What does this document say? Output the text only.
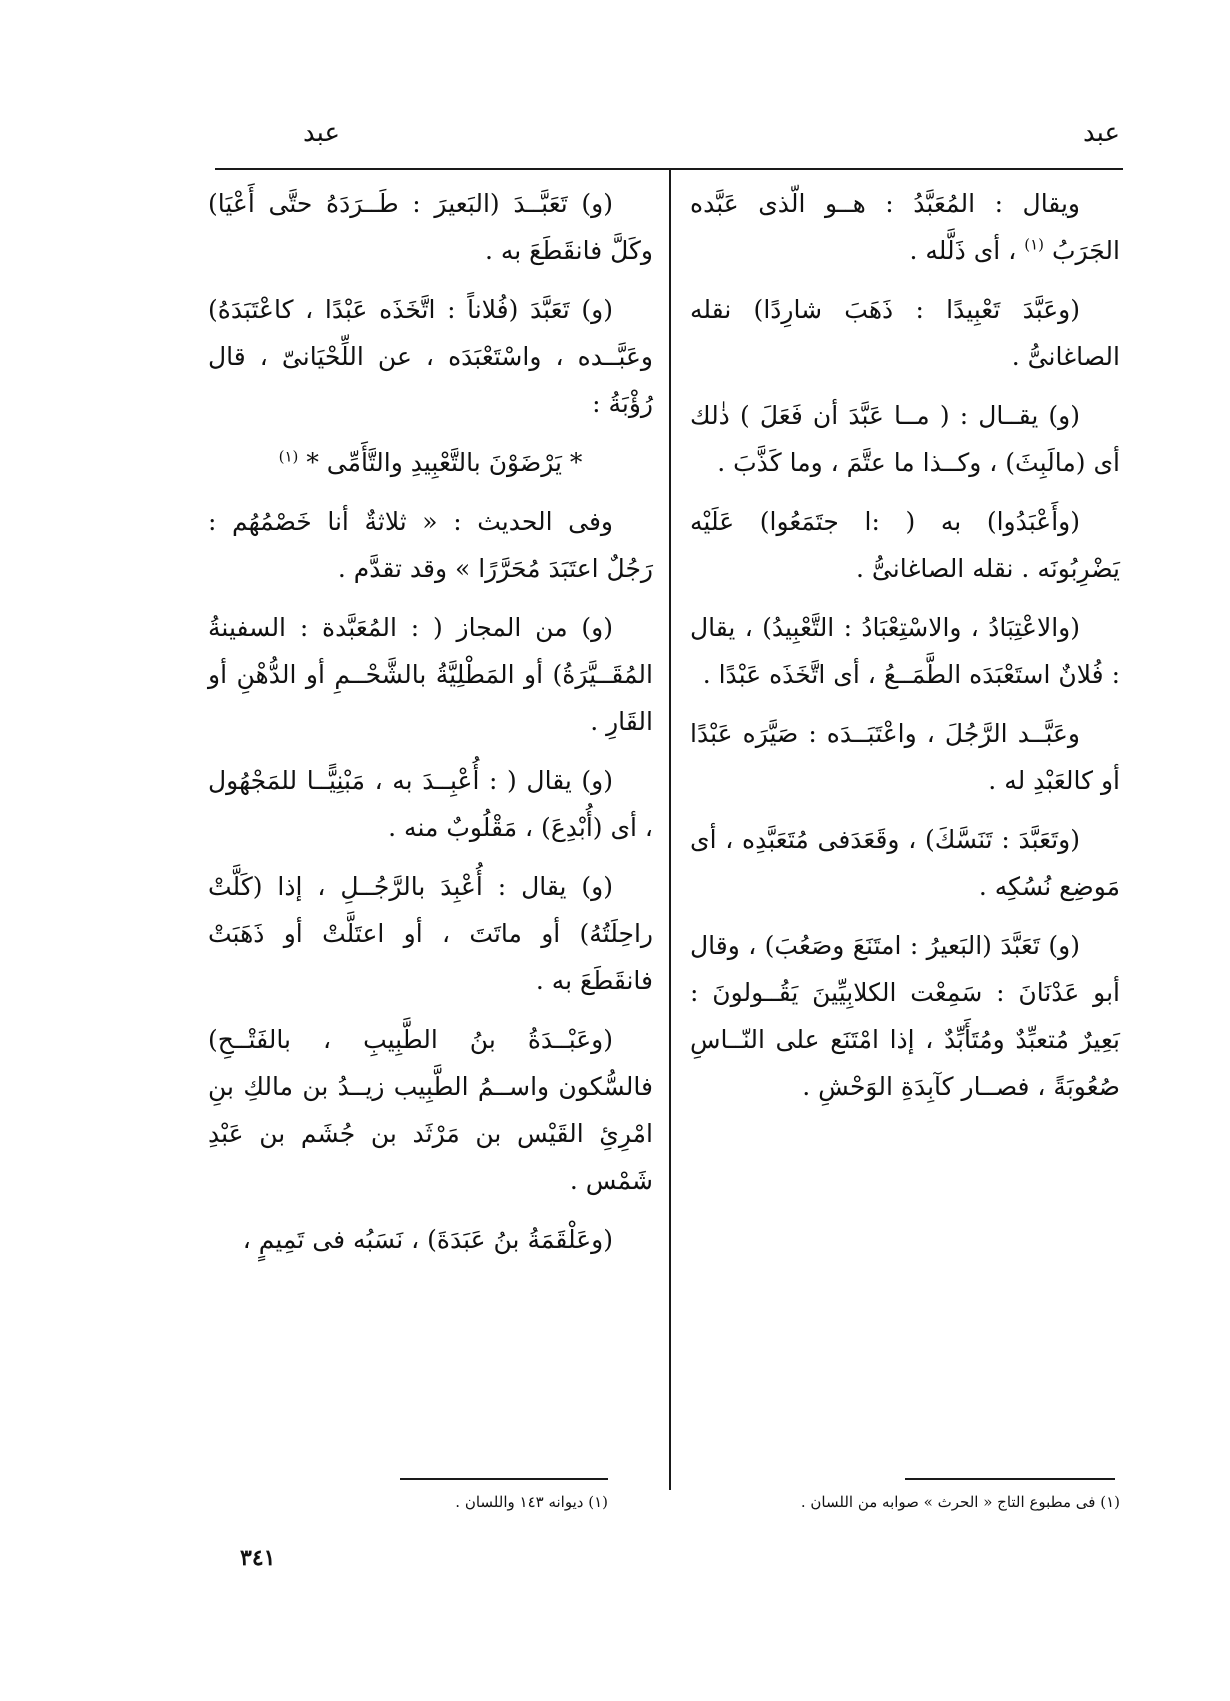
عبد
عبد

ويقال : المُعَبَّدُ : هــو الّذى عَبَّده الجَرَبُ $^{(١)}$ ، أى ذَلَّله .

(وعَبَّدَ تَعْبِيدًا : ذَهَبَ شارِدًا) نقله الصاغانىُّ .

(و) يقــال : ( مــا عَبَّدَ أن فَعَلَ ) ذٰلك أى (مالَبِثَ) ، وكــذا ما عتَّمَ ، وما كَذَّبَ .

(وأَعْبَدُوا) به ( :ا جتَمَعُوا) عَلَيْه يَضْرِبُونَه . نقله الصاغانىُّ .

(والاعْتِبَادُ ، والاسْتِعْبَادُ : التَّعْبِيدُ) ، يقال : فُلانٌ استَعْبَدَه الطَّمَــعُ ، أى اتَّخَذَه عَبْدًا .

وعَبَّــد الرَّجُلَ ، واعْتَبَــدَه : صَيَّرَه عَبْدًا أو كالعَبْدِ له .

(وتَعَبَّدَ : تَنَسَّكَ) ، وقَعَدَفى مُتَعَبَّدِه ، أى مَوضِع نُسُكِه .

(و) تَعَبَّدَ (البَعيرُ : امتَنَعَ وصَعُبَ) ، وقال أبو عَدْنَانَ : سَمِعْت الكلابِيِّينَ يَقُــولونَ : بَعِيرٌ مُتعبِّدٌ ومُتَأَبِّدٌ ، إذا امْتَنَع على النّــاسِ صُعُوبَةً ، فصــار كآبِدَةِ الوَحْشِ .

(و) تَعَبَّــدَ (البَعيرَ : طَــرَدَهُ حتَّى أَعْيَا) وكَلَّ فانقَطَعَ به .

(و) تَعَبَّدَ (فُلاناً : اتَّخَذَه عَبْدًا ، كاعْتَبَدَهُ) وعَبَّــده ، واسْتَعْبَدَه ، عن اللِّحْيَانىّ ، قال رُؤْبَةُ :

* يَرْضَوْنَ بالتَّعْبِيدِ والتَّأَمِّى * $^{(١)}$

وفى الحديث : « ثلاثةٌ أنا خَصْمُهُم : رَجُلٌ اعتَبَدَ مُحَرَّرًا » وقد تقدَّم .

(و) من المجاز ( : المُعَبَّدة : السفينةُ المُقَــيَّرَةُ) أو المَطْلِيَّةُ بالشَّحْــمِ أو الدُّهْنِ أو القَارِ .

(و) يقال ( : أُعْبِــدَ به ، مَبْنِيًّــا للمَجْهُول ، أى (أُبْدِعَ) ، مَقْلُوبٌ منه .

(و) يقال : أُعْبِدَ بالرَّجُــلِ ، إذا (كَلَّتْ راحِلَتُهُ) أو ماتَتَ ، أو اعتَلَّتْ أو ذَهَبَتْ فانقَطَعَ به .

(وعَبْــدَةُ بنُ الطَّبِيبِ ، بالفَتْــحِ) فالسُّكون واســمُ الطَّبِيب زيــدُ بن مالكِ بنِ امْرِئِ القَيْس بن مَرْثَد بن جُشَم بن عَبْدِ شَمْس .

(وعَلْقَمَةُ بنُ عَبَدَةَ) ، نَسَبُه فى تَمِيمٍ ،

(١) فى مطبوع التاج « الحرث » صوابه من اللسان .
(١) ديوانه ١٤٣ واللسان .
٣٤١
